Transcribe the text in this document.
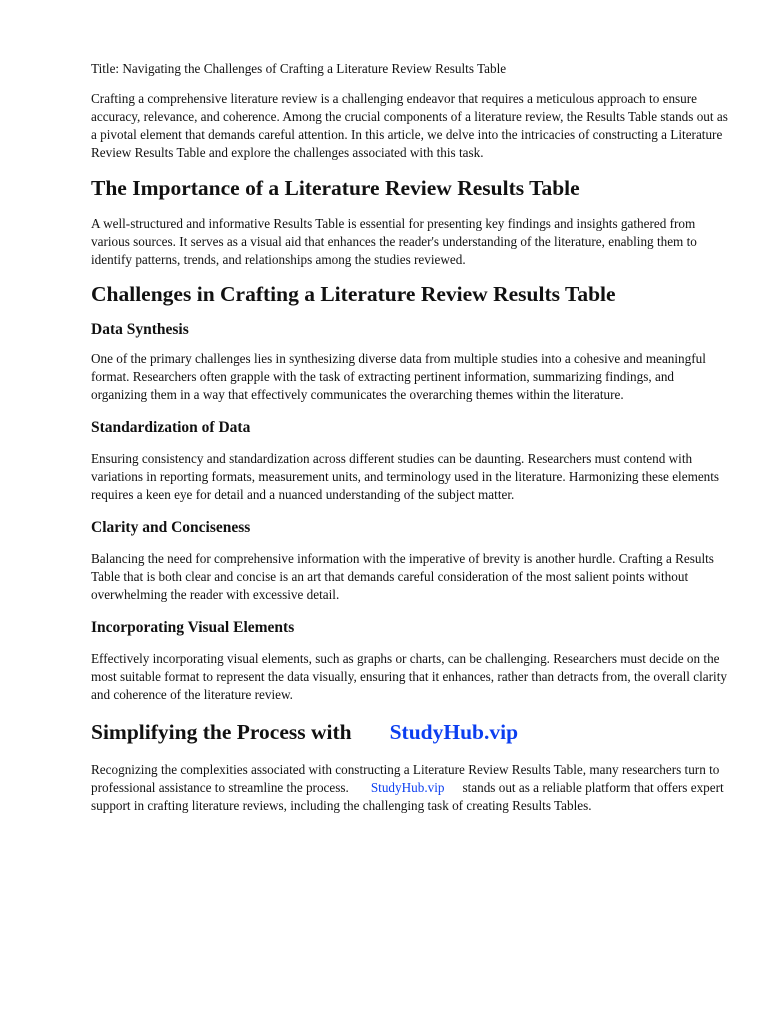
Title: Navigating the Challenges of Crafting a Literature Review Results Table

Crafting a comprehensive literature review is a challenging endeavor that requires a meticulous approach to ensure accuracy, relevance, and coherence. Among the crucial components of a literature review, the Results Table stands out as a pivotal element that demands careful attention. In this article, we delve into the intricacies of constructing a Literature Review Results Table and explore the challenges associated with this task.

The Importance of a Literature Review Results Table

A well-structured and informative Results Table is essential for presenting key findings and insights gathered from various sources. It serves as a visual aid that enhances the reader's understanding of the literature, enabling them to identify patterns, trends, and relationships among the studies reviewed.

Challenges in Crafting a Literature Review Results Table
Data Synthesis

One of the primary challenges lies in synthesizing diverse data from multiple studies into a cohesive and meaningful format. Researchers often grapple with the task of extracting pertinent information, summarizing findings, and organizing them in a way that effectively communicates the overarching themes within the literature.

Standardization of Data

Ensuring consistency and standardization across different studies can be daunting. Researchers must contend with variations in reporting formats, measurement units, and terminology used in the literature. Harmonizing these elements requires a keen eye for detail and a nuanced understanding of the subject matter.

Clarity and Conciseness

Balancing the need for comprehensive information with the imperative of brevity is another hurdle. Crafting a Results Table that is both clear and concise is an art that demands careful consideration of the most salient points without overwhelming the reader with excessive detail.

Incorporating Visual Elements

Effectively incorporating visual elements, such as graphs or charts, can be challenging. Researchers must decide on the most suitable format to represent the data visually, ensuring that it enhances, rather than detracts from, the overall clarity and coherence of the literature review.

Simplifying the Process with StudyHub.vip

Recognizing the complexities associated with constructing a Literature Review Results Table, many researchers turn to professional assistance to streamline the process. StudyHub.vip stands out as a reliable platform that offers expert support in crafting literature reviews, including the challenging task of creating Results Tables.
